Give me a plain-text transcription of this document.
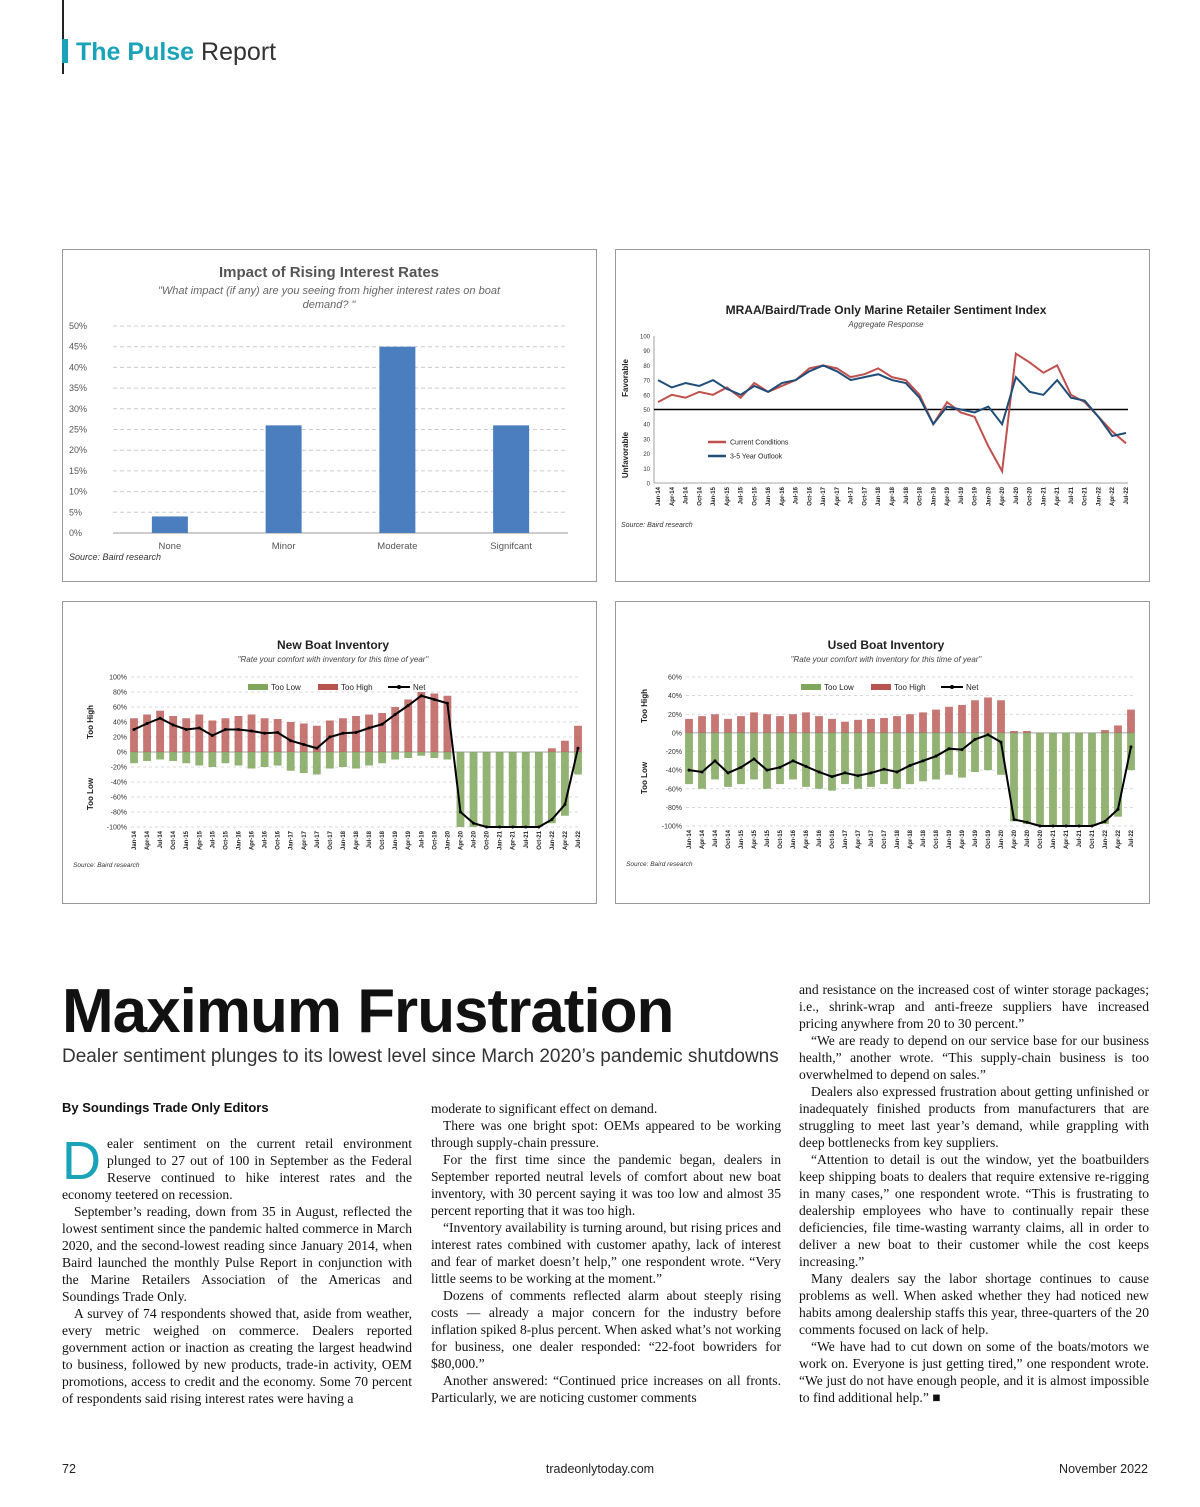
The Pulse Report
Impact of Rising Interest Rates
"What impact (if any) are you seeing from higher interest rates on boat
demand? "
Source: Baird research
0%
5%
10%
15%
20%
25%
30%
35%
40%
45%
50%
None	Minor	Moderate	Signifcant
MRAA/Baird/Trade Only Marine Retailer Sentiment Index
Aggregate Response
Favorable
Unfavorable
Source: Baird research
0
10
20
30
40
50
60
70
80
90
100
Jan-14 Apr-14 Jul-14 Oct-14 Jan-15 Apr-15 Jul-15 Oct-15 Jan-16 Apr-16 Jul-16 Oct-16 Jan-17 Apr-17 Jul-17 Oct-17 Jan-18 Apr-18 Jul-18 Oct-18 Jan-19 Apr-19 Jul-19 Oct-19 Jan-20 Apr-20 Jul-20 Oct-20 Jan-21 Apr-21 Jul-21 Oct-21 Jan-22 Apr-22 Jul-22
Current Conditions
3-5 Year Outlook
New Boat Inventory
"Rate your comfort with inventory for this time of year"
Too High
Too Low
Source: Baird research
100%
80%
60%
40%
20%
0%
-20%
-40%
-60%
-80%
-100%
Jan-14 Apr-14 Jul-14 Oct-14 Jan-15 Apr-15 Jul-15 Oct-15 Jan-16 Apr-16 Jul-16 Oct-16 Jan-17 Apr-17 Jul-17 Oct-17 Jan-18 Apr-18 Jul-18 Oct-18 Jan-19 Apr-19 Jul-19 Oct-19 Jan-20 Apr-20 Jul-20 Oct-20 Jan-21 Apr-21 Jul-21 Oct-21 Jan-22 Apr-22 Jul-22
Too Low	Too High	Net
Used Boat Inventory
"Rate your comfort with inventory for this time of year"
Too High
Too Low
Source: Baird research
60%
40%
20%
0%
-20%
-40%
-60%
-80%
-100%
Jan-14 Apr-14 Jul-14 Oct-14 Jan-15 Apr-15 Jul-15 Oct-15 Jan-16 Apr-16 Jul-16 Oct-16 Jan-17 Apr-17 Jul-17 Oct-17 Jan-18 Apr-18 Jul-18 Oct-18 Jan-19 Apr-19 Jul-19 Oct-19 Jan-20 Apr-20 Jul-20 Oct-20 Jan-21 Apr-21 Jul-21 Oct-21 Jan-22 Apr-22 Jul-22
Too Low	Too High	Net
Maximum Frustration
Dealer sentiment plunges to its lowest level since March 2020’s pandemic shutdowns
By Soundings Trade Only Editors

Dealer sentiment on the current retail environment plunged to 27 out of 100 in September as the Federal Reserve continued to hike interest rates and the economy teetered on recession.

September’s reading, down from 35 in August, reflected the lowest sentiment since the pandemic halted commerce in March 2020, and the second-lowest reading since January 2014, when Baird launched the monthly Pulse Report in conjunction with the Marine Retailers Association of the Americas and Soundings Trade Only.

A survey of 74 respondents showed that, aside from weather, every metric weighed on commerce. Dealers reported government action or inaction as creating the largest headwind to business, followed by new products, trade-in activity, OEM promotions, access to credit and the economy. Some 70 percent of respondents said rising interest rates were having a

moderate to significant effect on demand.

There was one bright spot: OEMs appeared to be working through supply-chain pressure.

For the first time since the pandemic began, dealers in September reported neutral levels of comfort about new boat inventory, with 30 percent saying it was too low and almost 35 percent reporting that it was too high.

“Inventory availability is turning around, but rising prices and interest rates combined with customer apathy, lack of interest and fear of market doesn’t help,” one respondent wrote. “Very little seems to be working at the moment.”

Dozens of comments reflected alarm about steeply rising costs — already a major concern for the industry before inflation spiked 8-plus percent. When asked what’s not working for business, one dealer responded: “22-foot bowriders for $80,000.”

Another answered: “Continued price increases on all fronts. Particularly, we are noticing customer comments

and resistance on the increased cost of winter storage packages; i.e., shrink-wrap and anti-freeze suppliers have increased pricing anywhere from 20 to 30 percent.”

“We are ready to depend on our service base for our business health,” another wrote. “This supply-chain business is too overwhelmed to depend on sales.”

Dealers also expressed frustration about getting unfinished or inadequately finished products from manufacturers that are struggling to meet last year’s demand, while grappling with deep bottlenecks from key suppliers.

“Attention to detail is out the window, yet the boatbuilders keep shipping boats to dealers that require extensive re-rigging in many cases,” one respondent wrote. “This is frustrating to dealership employees who have to continually repair these deficiencies, file time-wasting warranty claims, all in order to deliver a new boat to their customer while the cost keeps increasing.”

Many dealers say the labor shortage continues to cause problems as well. When asked whether they had noticed new habits among dealership staffs this year, three-quarters of the 20 comments focused on lack of help.

“We have had to cut down on some of the boats/motors we work on. Everyone is just getting tired,” one respondent wrote. “We just do not have enough people, and it is almost impossible to find additional help.” ■

72	tradeonlytoday.com	November 2022
